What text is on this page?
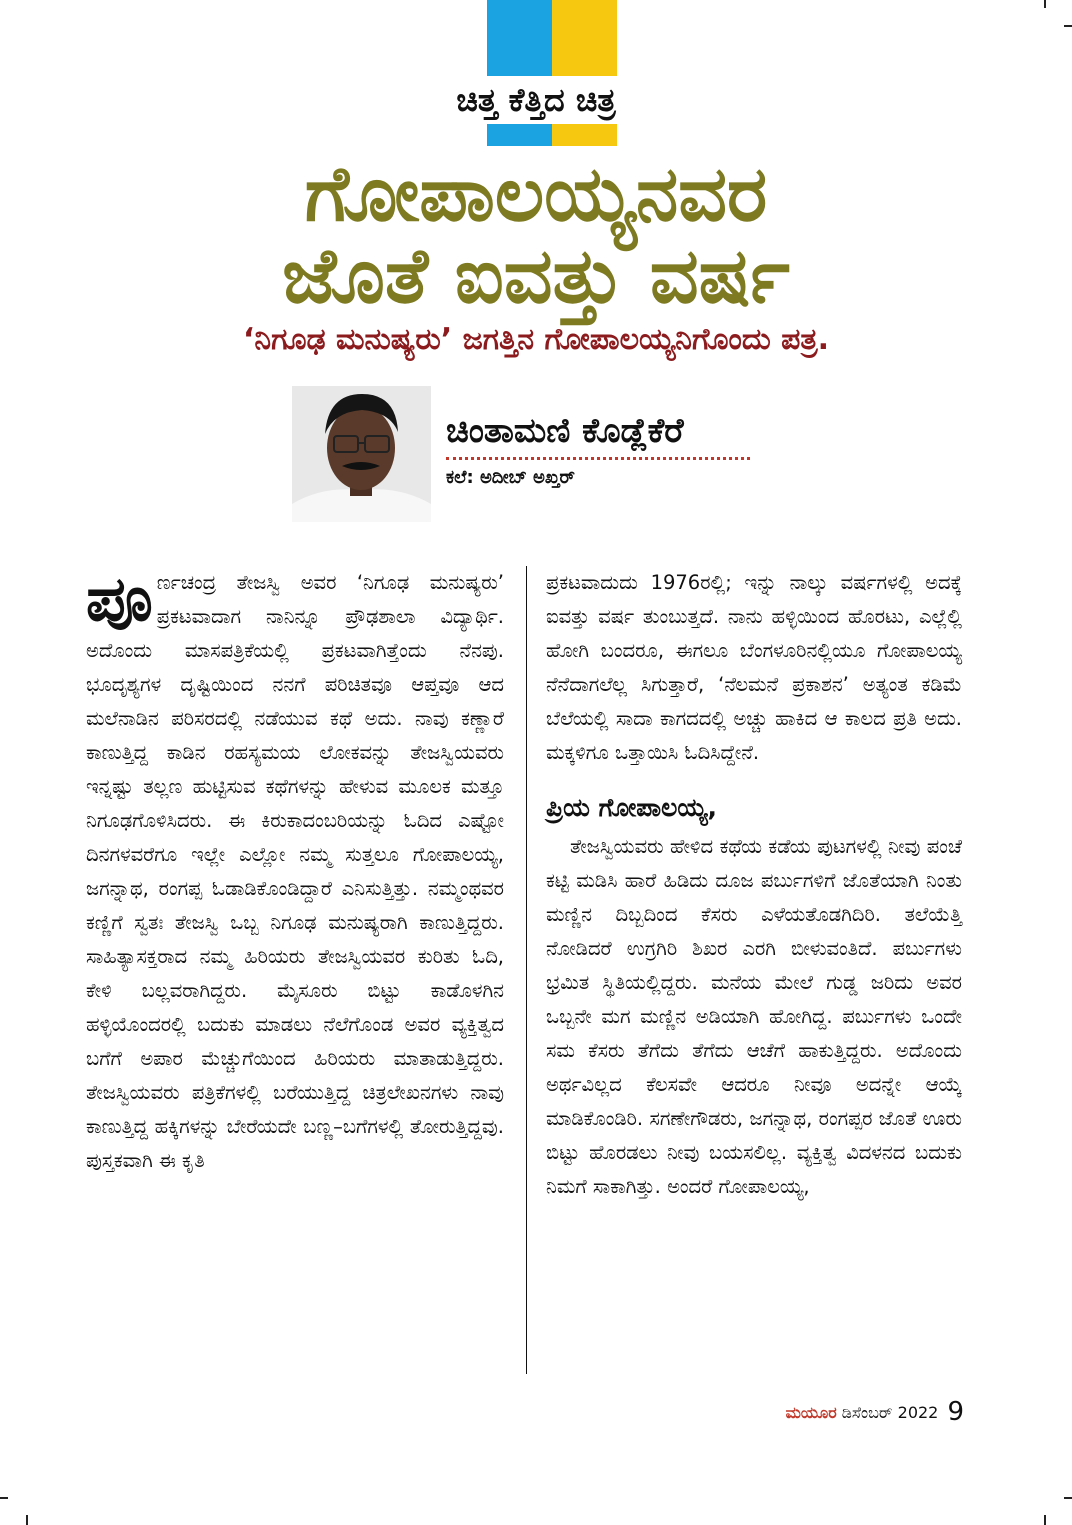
ಚಿತ್ತ ಕೆತ್ತಿದ ಚಿತ್ರ
ಗೋಪಾಲಯ್ಯನವರ
ಜೊತೆ ಐವತ್ತು ವರ್ಷ
‘ನಿಗೂಢ ಮನುಷ್ಯರು’ ಜಗತ್ತಿನ ಗೋಪಾಲಯ್ಯನಿಗೊಂದು ಪತ್ರ.
ಚಿಂತಾಮಣಿ ಕೊಡ್ಲೆಕೆರೆ
ಕಲೆ: ಅದೀಬ್ ಅಖ್ತರ್

ಪೂರ್ಣಚಂದ್ರ ತೇಜಸ್ವಿ ಅವರ ‘ನಿಗೂಢ ಮನುಷ್ಯರು’ ಪ್ರಕಟವಾದಾಗ ನಾನಿನ್ನೂ ಪ್ರೌಢಶಾಲಾ ವಿದ್ಯಾರ್ಥಿ. ಅದೊಂದು ಮಾಸಪತ್ರಿಕೆಯಲ್ಲಿ ಪ್ರಕಟವಾಗಿತ್ತೆಂದು ನೆನಪು. ಭೂದೃಶ್ಯಗಳ ದೃಷ್ಟಿಯಿಂದ ನನಗೆ ಪರಿಚಿತವೂ ಆಪ್ತವೂ ಆದ ಮಲೆನಾಡಿನ ಪರಿಸರದಲ್ಲಿ ನಡೆಯುವ ಕಥೆ ಅದು. ನಾವು ಕಣ್ಣಾರೆ ಕಾಣುತ್ತಿದ್ದ ಕಾಡಿನ ರಹಸ್ಯಮಯ ಲೋಕವನ್ನು ತೇಜಸ್ವಿಯವರು ಇನ್ನಷ್ಟು ತಲ್ಲಣ ಹುಟ್ಟಿಸುವ ಕಥೆಗಳನ್ನು ಹೇಳುವ ಮೂಲಕ ಮತ್ತೂ ನಿಗೂಢಗೊಳಿಸಿದರು. ಈ ಕಿರುಕಾದಂಬರಿಯನ್ನು ಓದಿದ ಎಷ್ಟೋ ದಿನಗಳವರೆಗೂ ಇಲ್ಲೇ ಎಲ್ಲೋ ನಮ್ಮ ಸುತ್ತಲೂ ಗೋಪಾಲಯ್ಯ, ಜಗನ್ನಾಥ, ರಂಗಪ್ಪ ಓಡಾಡಿಕೊಂಡಿದ್ದಾರೆ ಎನಿಸುತ್ತಿತ್ತು. ನಮ್ಮಂಥವರ ಕಣ್ಣಿಗೆ ಸ್ವತಃ ತೇಜಸ್ವಿ ಒಬ್ಬ ನಿಗೂಢ ಮನುಷ್ಯರಾಗಿ ಕಾಣುತ್ತಿದ್ದರು. ಸಾಹಿತ್ಯಾಸಕ್ತರಾದ ನಮ್ಮ ಹಿರಿಯರು ತೇಜಸ್ವಿಯವರ ಕುರಿತು ಓದಿ, ಕೇಳಿ ಬಲ್ಲವರಾಗಿದ್ದರು. ಮೈಸೂರು ಬಿಟ್ಟು ಕಾಡೊಳಗಿನ ಹಳ್ಳಿಯೊಂದರಲ್ಲಿ ಬದುಕು ಮಾಡಲು ನೆಲೆಗೊಂಡ ಅವರ ವ್ಯಕ್ತಿತ್ವದ ಬಗೆಗೆ ಅಪಾರ ಮೆಚ್ಚುಗೆಯಿಂದ ಹಿರಿಯರು ಮಾತಾಡುತ್ತಿದ್ದರು. ತೇಜಸ್ವಿಯವರು ಪತ್ರಿಕೆಗಳಲ್ಲಿ ಬರೆಯುತ್ತಿದ್ದ ಚಿತ್ರಲೇಖನಗಳು ನಾವು ಕಾಣುತ್ತಿದ್ದ ಹಕ್ಕಿಗಳನ್ನು ಬೇರೆಯದೇ ಬಣ್ಣ–ಬಗೆಗಳಲ್ಲಿ ತೋರುತ್ತಿದ್ದವು. ಪುಸ್ತಕವಾಗಿ ಈ ಕೃತಿ

ಪ್ರಕಟವಾದುದು 1976ರಲ್ಲಿ; ಇನ್ನು ನಾಲ್ಕು ವರ್ಷಗಳಲ್ಲಿ ಅದಕ್ಕೆ ಐವತ್ತು ವರ್ಷ ತುಂಬುತ್ತದೆ. ನಾನು ಹಳ್ಳಿಯಿಂದ ಹೊರಟು, ಎಲ್ಲೆಲ್ಲಿ ಹೋಗಿ ಬಂದರೂ, ಈಗಲೂ ಬೆಂಗಳೂರಿನಲ್ಲಿಯೂ ಗೋಪಾಲಯ್ಯ ನೆನೆದಾಗಲೆಲ್ಲ ಸಿಗುತ್ತಾರೆ, ‘ನೆಲಮನೆ ಪ್ರಕಾಶನ’ ಅತ್ಯಂತ ಕಡಿಮೆ ಬೆಲೆಯಲ್ಲಿ ಸಾದಾ ಕಾಗದದಲ್ಲಿ ಅಚ್ಚು ಹಾಕಿದ ಆ ಕಾಲದ ಪ್ರತಿ ಅದು. ಮಕ್ಕಳಿಗೂ ಒತ್ತಾಯಿಸಿ ಓದಿಸಿದ್ದೇನೆ.

ಪ್ರಿಯ ಗೋಪಾಲಯ್ಯ,

ತೇಜಸ್ವಿಯವರು ಹೇಳಿದ ಕಥೆಯ ಕಡೆಯ ಪುಟಗಳಲ್ಲಿ ನೀವು ಪಂಚೆ ಕಟ್ಟಿ ಮಡಿಸಿ ಹಾರೆ ಹಿಡಿದು ದೂಜ ಪರ್ಬುಗಳಿಗೆ ಜೊತೆಯಾಗಿ ನಿಂತು ಮಣ್ಣಿನ ದಿಬ್ಬದಿಂದ ಕೆಸರು ಎಳೆಯತೊಡಗಿದಿರಿ. ತಲೆಯೆತ್ತಿ ನೋಡಿದರೆ ಉಗ್ರಗಿರಿ ಶಿಖರ ಎರಗಿ ಬೀಳುವಂತಿದೆ. ಪರ್ಬುಗಳು ಭ್ರಮಿತ ಸ್ಥಿತಿಯಲ್ಲಿದ್ದರು. ಮನೆಯ ಮೇಲೆ ಗುಡ್ಡ ಜರಿದು ಅವರ ಒಬ್ಬನೇ ಮಗ ಮಣ್ಣಿನ ಅಡಿಯಾಗಿ ಹೋಗಿದ್ದ. ಪರ್ಬುಗಳು ಒಂದೇ ಸಮ ಕೆಸರು ತೆಗೆದು ತೆಗೆದು ಆಚೆಗೆ ಹಾಕುತ್ತಿದ್ದರು. ಅದೊಂದು ಅರ್ಥವಿಲ್ಲದ ಕೆಲಸವೇ ಆದರೂ ನೀವೂ ಅದನ್ನೇ ಆಯ್ಕೆ ಮಾಡಿಕೊಂಡಿರಿ. ಸಗಣೇಗೌಡರು, ಜಗನ್ನಾಥ, ರಂಗಪ್ಪರ ಜೊತೆ ಊರು ಬಿಟ್ಟು ಹೊರಡಲು ನೀವು ಬಯಸಲಿಲ್ಲ. ವ್ಯಕ್ತಿತ್ವ ವಿದಳನದ ಬದುಕು ನಿಮಗೆ ಸಾಕಾಗಿತ್ತು. ಅಂದರೆ ಗೋಪಾಲಯ್ಯ,

ಮಯೂರ ಡಿಸೆಂಬರ್ 2022 9
